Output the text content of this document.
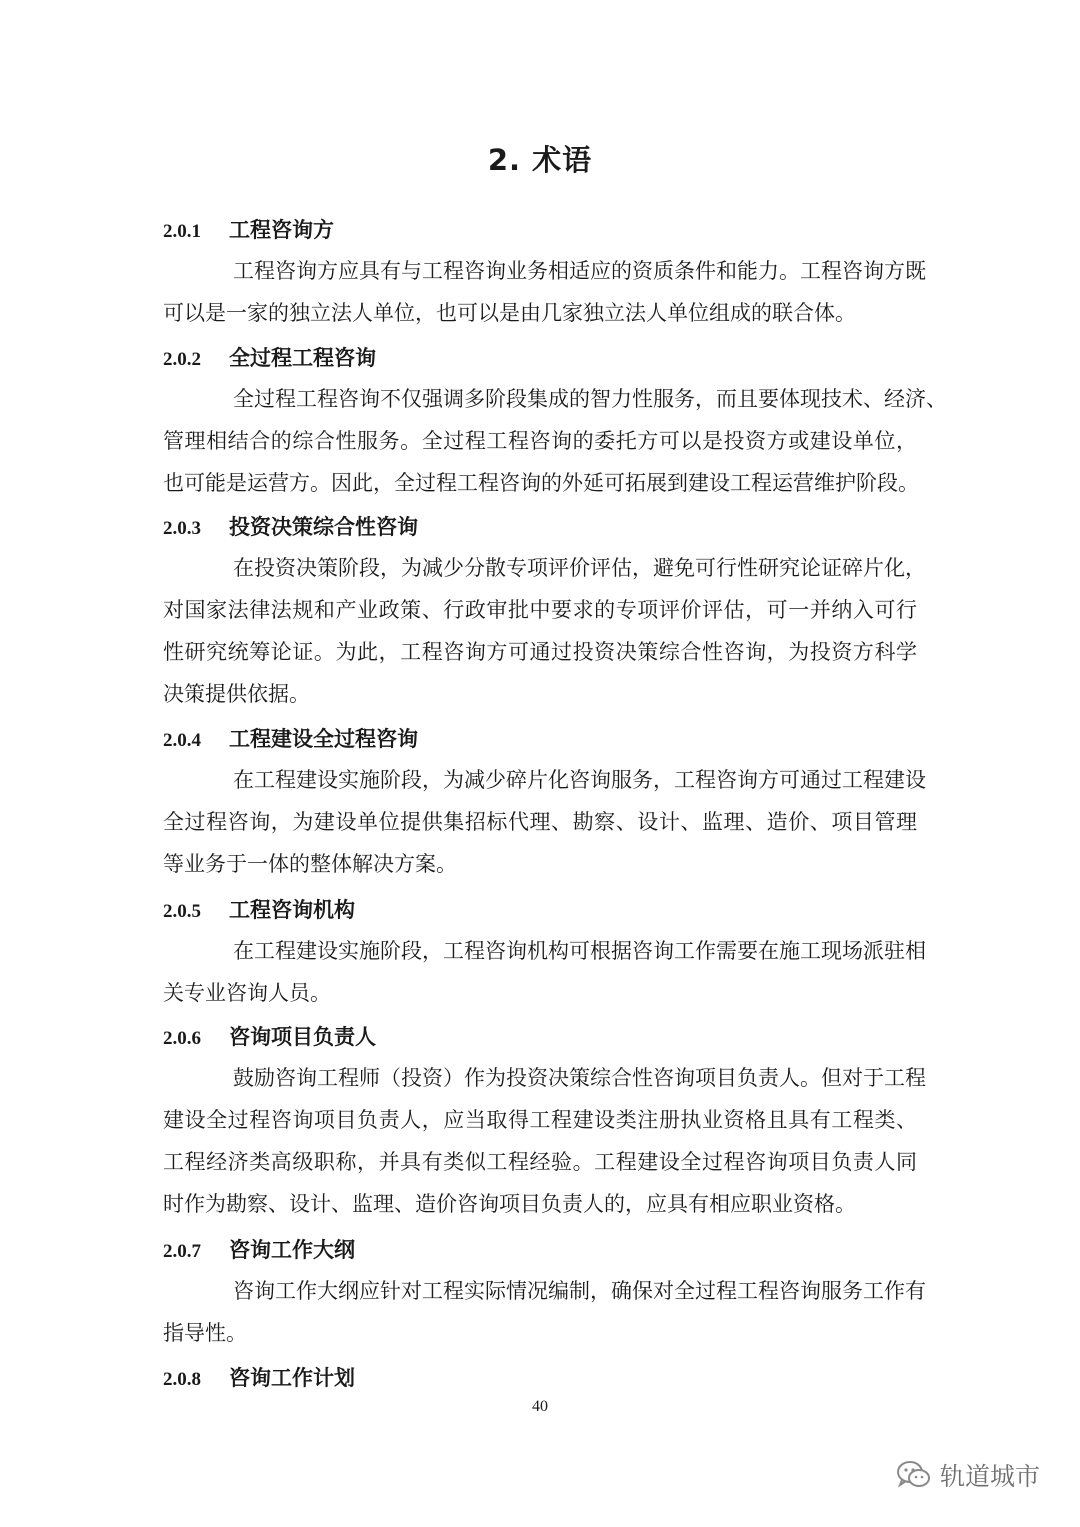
2. 术语
2.0.1 工程咨询方
工程咨询方应具有与工程咨询业务相适应的资质条件和能力。工程咨询方既
可以是一家的独立法人单位，也可以是由几家独立法人单位组成的联合体。
2.0.2 全过程工程咨询
全过程工程咨询不仅强调多阶段集成的智力性服务，而且要体现技术、经济、
管理相结合的综合性服务。全过程工程咨询的委托方可以是投资方或建设单位，
也可能是运营方。因此，全过程工程咨询的外延可拓展到建设工程运营维护阶段。
2.0.3 投资决策综合性咨询
在投资决策阶段，为减少分散专项评价评估，避免可行性研究论证碎片化，
对国家法律法规和产业政策、行政审批中要求的专项评价评估，可一并纳入可行
性研究统筹论证。为此，工程咨询方可通过投资决策综合性咨询，为投资方科学
决策提供依据。
2.0.4 工程建设全过程咨询
在工程建设实施阶段，为减少碎片化咨询服务，工程咨询方可通过工程建设
全过程咨询，为建设单位提供集招标代理、勘察、设计、监理、造价、项目管理
等业务于一体的整体解决方案。
2.0.5 工程咨询机构
在工程建设实施阶段，工程咨询机构可根据咨询工作需要在施工现场派驻相
关专业咨询人员。
2.0.6 咨询项目负责人
鼓励咨询工程师（投资）作为投资决策综合性咨询项目负责人。但对于工程
建设全过程咨询项目负责人，应当取得工程建设类注册执业资格且具有工程类、
工程经济类高级职称，并具有类似工程经验。工程建设全过程咨询项目负责人同
时作为勘察、设计、监理、造价咨询项目负责人的，应具有相应职业资格。
2.0.7 咨询工作大纲
咨询工作大纲应针对工程实际情况编制，确保对全过程工程咨询服务工作有
指导性。
2.0.8 咨询工作计划
40
轨道城市
